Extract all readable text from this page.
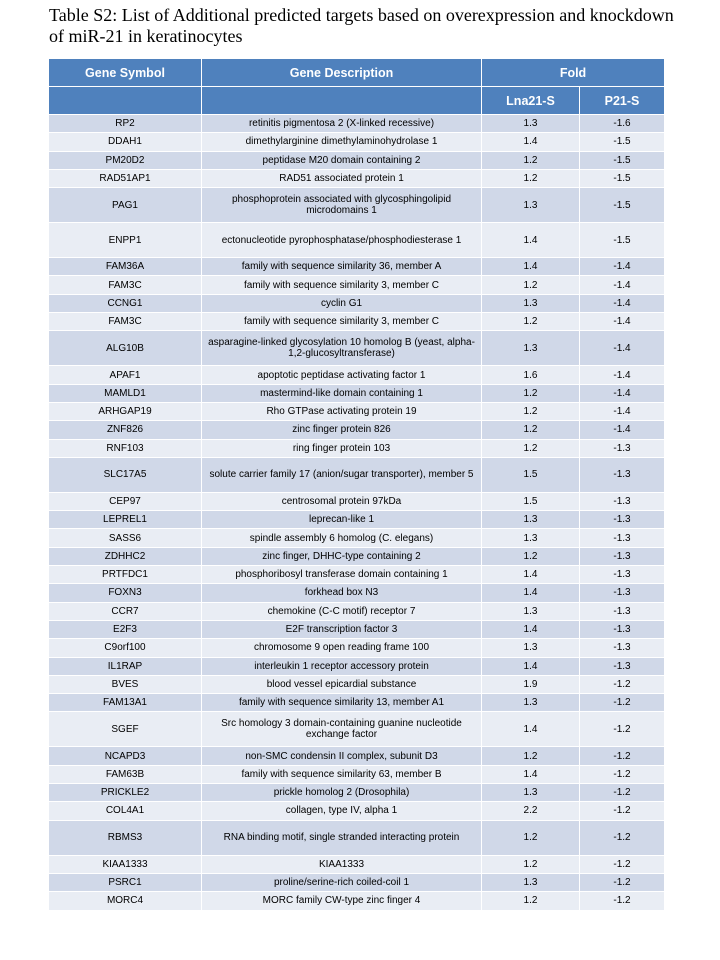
Table S2: List of Additional predicted targets based on overexpression and knockdown of miR-21 in keratinocytes
Gene Symbol	Gene Description	Fold	
		Lna21-S	P21-S
RP2	retinitis pigmentosa 2 (X-linked recessive)	1.3	-1.6
DDAH1	dimethylarginine dimethylaminohydrolase 1	1.4	-1.5
PM20D2	peptidase M20 domain containing 2	1.2	-1.5
RAD51AP1	RAD51 associated protein 1	1.2	-1.5
PAG1	phosphoprotein associated with glycosphingolipid microdomains 1	1.3	-1.5
ENPP1	ectonucleotide pyrophosphatase/phosphodiesterase 1	1.4	-1.5
FAM36A	family with sequence similarity 36, member A	1.4	-1.4
FAM3C	family with sequence similarity 3, member C	1.2	-1.4
CCNG1	cyclin G1	1.3	-1.4
FAM3C	family with sequence similarity 3, member C	1.2	-1.4
ALG10B	asparagine-linked glycosylation 10 homolog B (yeast, alpha-1,2-glucosyltransferase)	1.3	-1.4
APAF1	apoptotic peptidase activating factor 1	1.6	-1.4
MAMLD1	mastermind-like domain containing 1	1.2	-1.4
ARHGAP19	Rho GTPase activating protein 19	1.2	-1.4
ZNF826	zinc finger protein 826	1.2	-1.4
RNF103	ring finger protein 103	1.2	-1.3
SLC17A5	solute carrier family 17 (anion/sugar transporter), member 5	1.5	-1.3
CEP97	centrosomal protein 97kDa	1.5	-1.3
LEPREL1	leprecan-like 1	1.3	-1.3
SASS6	spindle assembly 6 homolog (C. elegans)	1.3	-1.3
ZDHHC2	zinc finger, DHHC-type containing 2	1.2	-1.3
PRTFDC1	phosphoribosyl transferase domain containing 1	1.4	-1.3
FOXN3	forkhead box N3	1.4	-1.3
CCR7	chemokine (C-C motif) receptor 7	1.3	-1.3
E2F3	E2F transcription factor 3	1.4	-1.3
C9orf100	chromosome 9 open reading frame 100	1.3	-1.3
IL1RAP	interleukin 1 receptor accessory protein	1.4	-1.3
BVES	blood vessel epicardial substance	1.9	-1.2
FAM13A1	family with sequence similarity 13, member A1	1.3	-1.2
SGEF	Src homology 3 domain-containing guanine nucleotide exchange factor	1.4	-1.2
NCAPD3	non-SMC condensin II complex, subunit D3	1.2	-1.2
FAM63B	family with sequence similarity 63, member B	1.4	-1.2
PRICKLE2	prickle homolog 2 (Drosophila)	1.3	-1.2
COL4A1	collagen, type IV, alpha 1	2.2	-1.2
RBMS3	RNA binding motif, single stranded interacting protein	1.2	-1.2
KIAA1333	KIAA1333	1.2	-1.2
PSRC1	proline/serine-rich coiled-coil 1	1.3	-1.2
MORC4	MORC family CW-type zinc finger 4	1.2	-1.2
